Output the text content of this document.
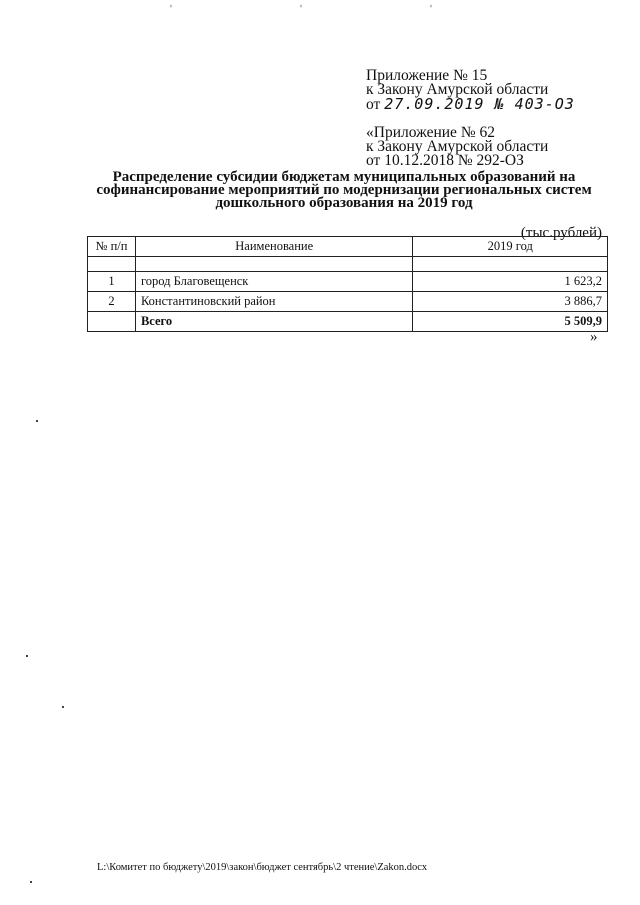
Приложение № 15
к Закону Амурской области
от 27.09.2019 № 403-ОЗ
«Приложение № 62
к Закону Амурской области
от 10.12.2018 № 292-ОЗ
Распределение субсидии бюджетам муниципальных образований на
софинансирование мероприятий по модернизации региональных систем
дошкольного образования на 2019 год
(тыс.рублей)
№ п/п	Наименование	2019 год

1	город Благовещенск	1 623,2
2	Константиновский район	3 886,7
	Всего	5 509,9
»
L:\Комитет по бюджету\2019\закон\бюджет сентябрь\2 чтение\Zakon.docx
'	'	'
